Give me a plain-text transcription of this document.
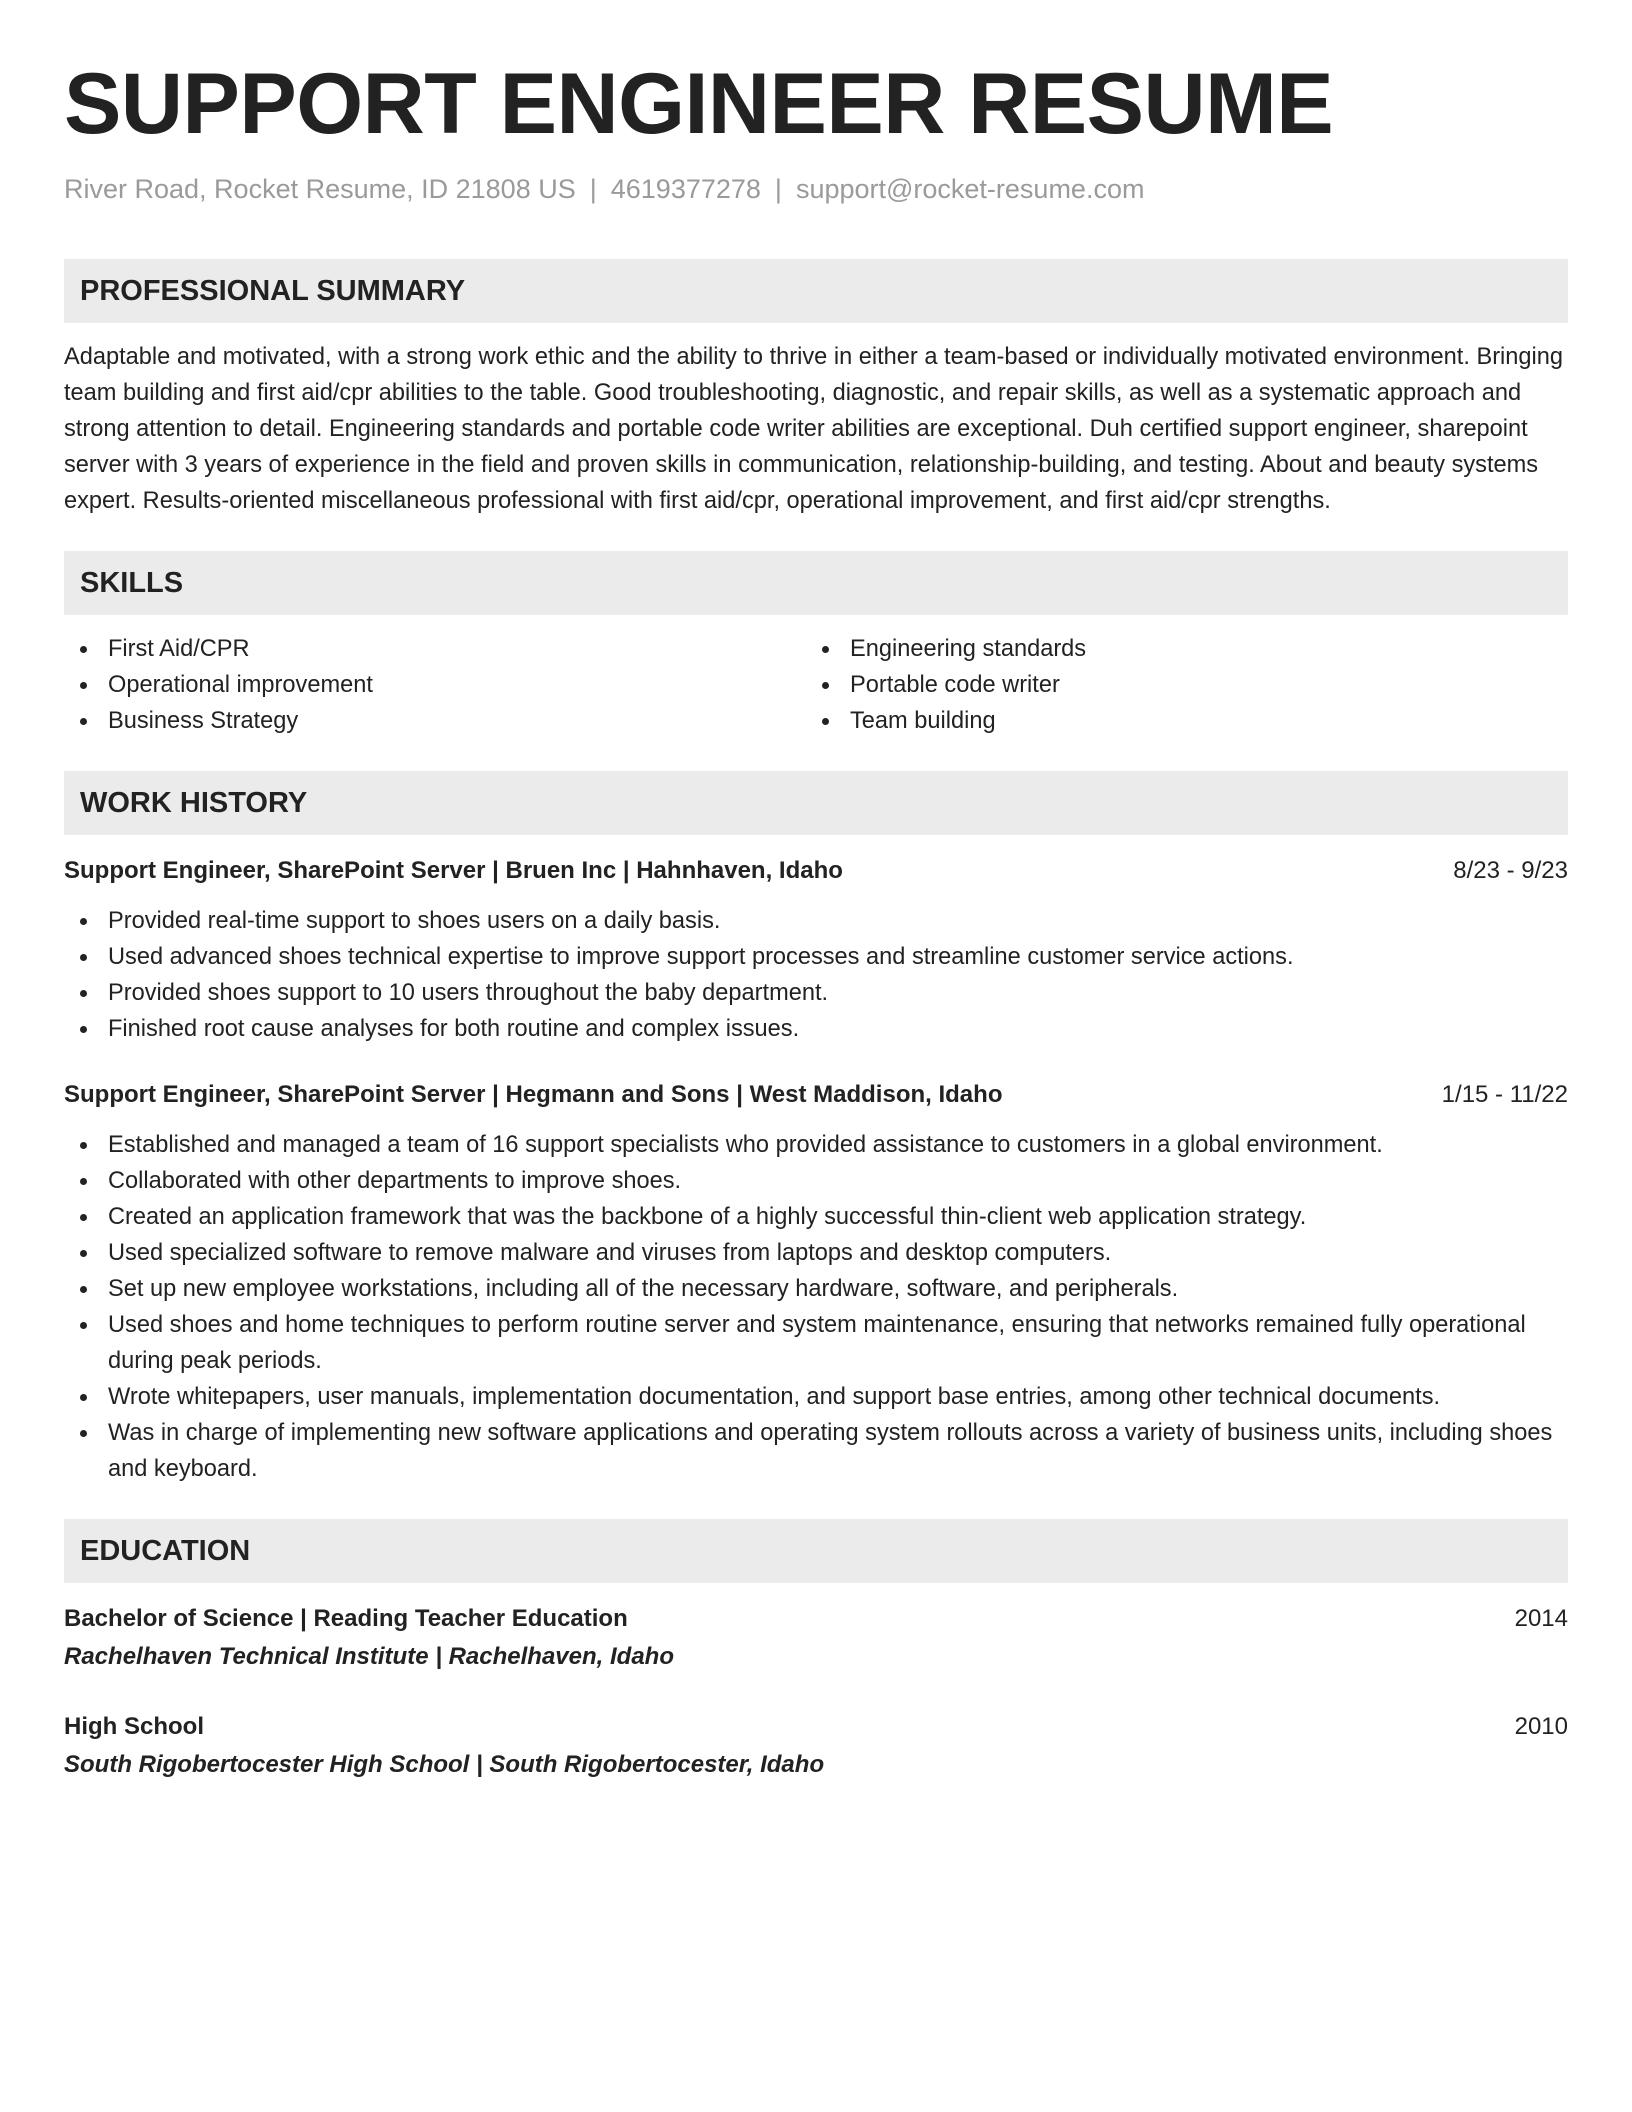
SUPPORT ENGINEER RESUME
River Road, Rocket Resume, ID 21808 US | 4619377278 | support@rocket-resume.com
PROFESSIONAL SUMMARY
Adaptable and motivated, with a strong work ethic and the ability to thrive in either a team-based or individually motivated environment. Bringing team building and first aid/cpr abilities to the table. Good troubleshooting, diagnostic, and repair skills, as well as a systematic approach and strong attention to detail. Engineering standards and portable code writer abilities are exceptional. Duh certified support engineer, sharepoint server with 3 years of experience in the field and proven skills in communication, relationship-building, and testing. About and beauty systems expert. Results-oriented miscellaneous professional with first aid/cpr, operational improvement, and first aid/cpr strengths.
SKILLS
First Aid/CPR
Operational improvement
Business Strategy
Engineering standards
Portable code writer
Team building
WORK HISTORY
Support Engineer, SharePoint Server | Bruen Inc | Hahnhaven, Idaho	8/23 - 9/23
Provided real-time support to shoes users on a daily basis.
Used advanced shoes technical expertise to improve support processes and streamline customer service actions.
Provided shoes support to 10 users throughout the baby department.
Finished root cause analyses for both routine and complex issues.
Support Engineer, SharePoint Server | Hegmann and Sons | West Maddison, Idaho	1/15 - 11/22
Established and managed a team of 16 support specialists who provided assistance to customers in a global environment.
Collaborated with other departments to improve shoes.
Created an application framework that was the backbone of a highly successful thin-client web application strategy.
Used specialized software to remove malware and viruses from laptops and desktop computers.
Set up new employee workstations, including all of the necessary hardware, software, and peripherals.
Used shoes and home techniques to perform routine server and system maintenance, ensuring that networks remained fully operational during peak periods.
Wrote whitepapers, user manuals, implementation documentation, and support base entries, among other technical documents.
Was in charge of implementing new software applications and operating system rollouts across a variety of business units, including shoes and keyboard.
EDUCATION
Bachelor of Science | Reading Teacher Education	2014
Rachelhaven Technical Institute | Rachelhaven, Idaho
High School	2010
South Rigobertocester High School | South Rigobertocester, Idaho
